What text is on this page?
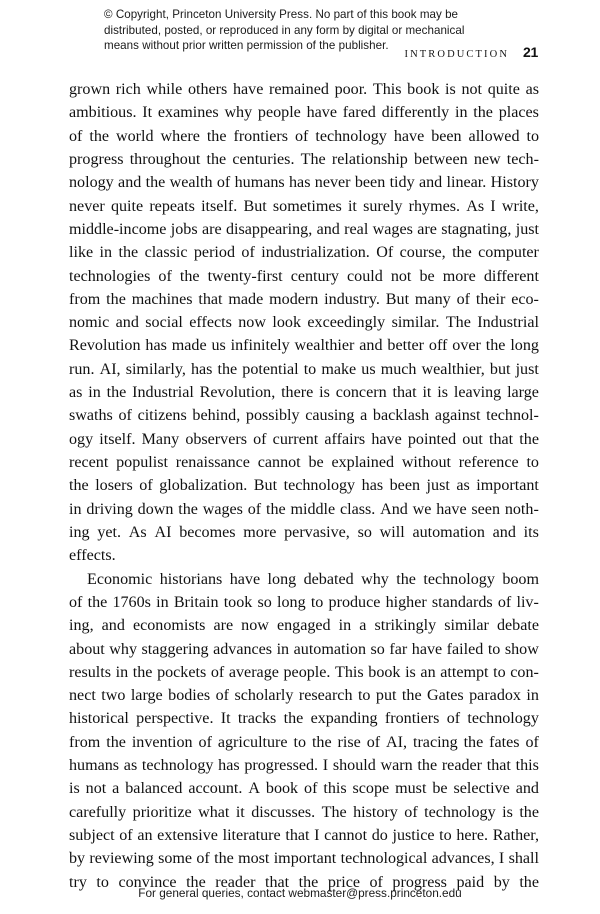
© Copyright, Princeton University Press. No part of this book may be
distributed, posted, or reproduced in any form by digital or mechanical
means without prior written permission of the publisher.
INTRODUCTION 21
grown rich while others have remained poor. This book is not quite as
ambitious. It examines why people have fared differently in the places
of the world where the frontiers of technology have been allowed to
progress throughout the centuries. The relationship between new tech-
nology and the wealth of humans has never been tidy and linear. History
never quite repeats itself. But sometimes it surely rhymes. As I write,
middle-income jobs are disappearing, and real wages are stagnating, just
like in the classic period of industrialization. Of course, the computer
technologies of the twenty-first century could not be more different
from the machines that made modern industry. But many of their eco-
nomic and social effects now look exceedingly similar. The Industrial
Revolution has made us infinitely wealthier and better off over the long
run. AI, similarly, has the potential to make us much wealthier, but just
as in the Industrial Revolution, there is concern that it is leaving large
swaths of citizens behind, possibly causing a backlash against technol-
ogy itself. Many observers of current affairs have pointed out that the
recent populist renaissance cannot be explained without reference to
the losers of globalization. But technology has been just as important
in driving down the wages of the middle class. And we have seen noth-
ing yet. As AI becomes more pervasive, so will automation and its
effects.
Economic historians have long debated why the technology boom
of the 1760s in Britain took so long to produce higher standards of liv-
ing, and economists are now engaged in a strikingly similar debate
about why staggering advances in automation so far have failed to show
results in the pockets of average people. This book is an attempt to con-
nect two large bodies of scholarly research to put the Gates paradox in
historical perspective. It tracks the expanding frontiers of technology
from the invention of agriculture to the rise of AI, tracing the fates of
humans as technology has progressed. I should warn the reader that this
is not a balanced account. A book of this scope must be selective and
carefully prioritize what it discusses. The history of technology is the
subject of an extensive literature that I cannot do justice to here. Rather,
by reviewing some of the most important technological advances, I shall
try to convince the reader that the price of progress paid by the
For general queries, contact webmaster@press.princeton.edu
